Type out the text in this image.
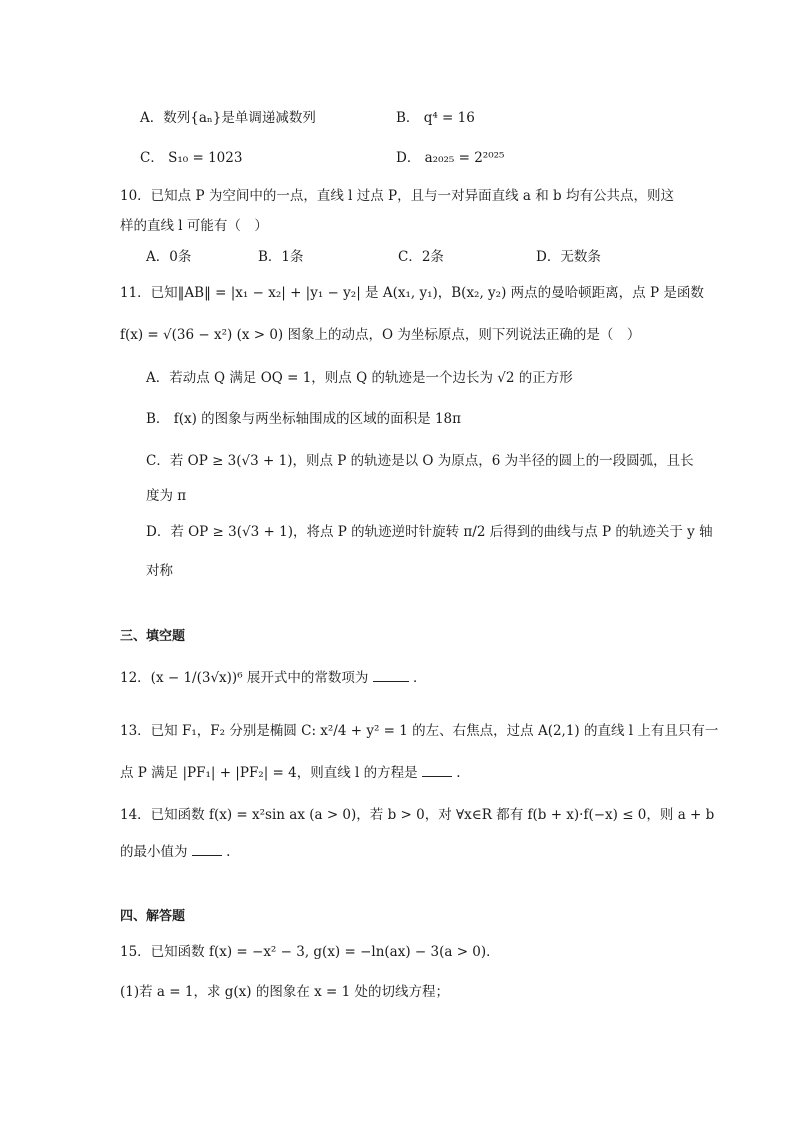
A．数列{aₙ}是单调递减数列	B． q⁴ = 16
C． S₁₀ = 1023	D． a₂₀₂₅ = 2²⁰²⁵
10．已知点 P 为空间中的一点，直线 l 过点 P，且与一对异面直线 a 和 b 均有公共点，则这
样的直线 l 可能有（　）
A．0条	B．1条	C．2条	D．无数条
11．已知‖AB‖ = |x₁ − x₂| + |y₁ − y₂| 是 A(x₁, y₁)，B(x₂, y₂) 两点的曼哈顿距离，点 P 是函数
f(x) = √(36 − x²) (x > 0) 图象上的动点，O 为坐标原点，则下列说法正确的是（　）
A．若动点 Q 满足 OQ = 1，则点 Q 的轨迹是一个边长为 √2 的正方形
B． f(x) 的图象与两坐标轴围成的区域的面积是 18π
C．若 OP ≥ 3(√3 + 1)，则点 P 的轨迹是以 O 为原点，6 为半径的圆上的一段圆弧，且长
度为 π
D．若 OP ≥ 3(√3 + 1)，将点 P 的轨迹逆时针旋转 π/2 后得到的曲线与点 P 的轨迹关于 y 轴
对称
三、填空题
12．(x − 1/(3√x))⁶ 展开式中的常数项为	．
13．已知 F₁，F₂ 分别是椭圆 C: x²/4 + y² = 1 的左、右焦点，过点 A(2,1) 的直线 l 上有且只有一
点 P 满足 |PF₁| + |PF₂| = 4，则直线 l 的方程是	.
14．已知函数 f(x) = x²sin ax (a > 0)，若 b > 0，对 ∀x∈R 都有 f(b + x)·f(−x) ≤ 0，则 a + b
的最小值为	.
四、解答题
15．已知函数 f(x) = −x² − 3, g(x) = −ln(ax) − 3(a > 0)．
(1)若 a = 1，求 g(x) 的图象在 x = 1 处的切线方程；
